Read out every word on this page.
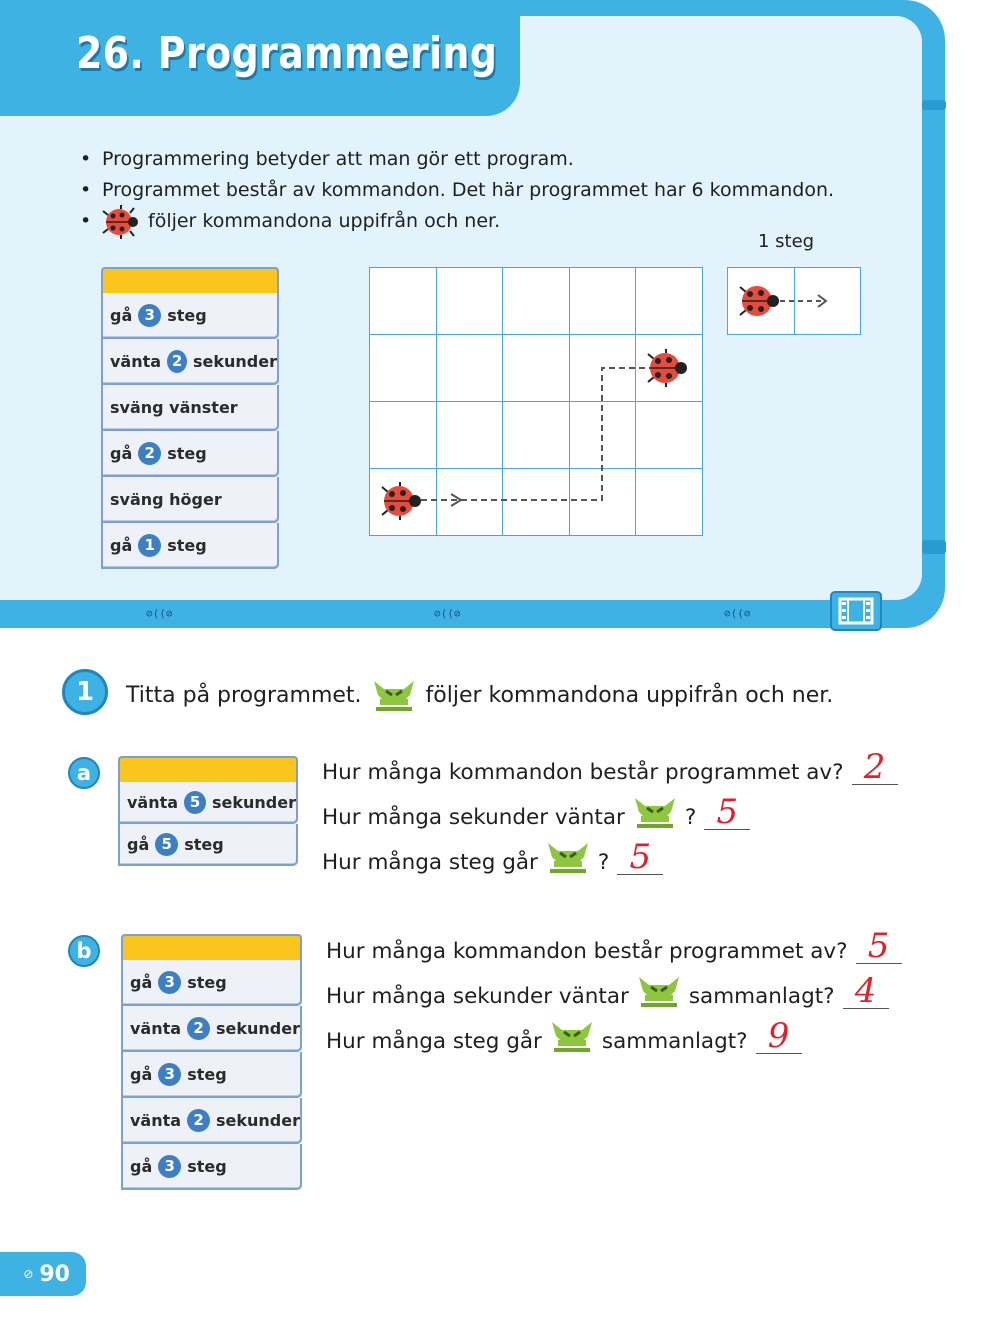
26. Programmering
⊘((⊘	⊘((⊘	⊘((⊘
• Programmering betyder att man gör ett program.
• Programmet består av kommandon. Det här programmet har 6 kommandon.
•	följer kommandona uppifrån och ner.
gå 3 steg
vänta 2 sekunder
sväng vänster
gå 2 steg
sväng höger
gå 1 steg

1 steg

1	Titta på programmet.	följer kommandona uppifrån och ner.
a
vänta 5 sekunder
gå 5 steg
Hur många kommandon består programmet av? 2
Hur många sekunder väntar	? 5
Hur många steg går	? 5
b
gå 3 steg
vänta 2 sekunder
gå 3 steg
vänta 2 sekunder
gå 3 steg
Hur många kommandon består programmet av? 5
Hur många sekunder väntar	sammanlagt? 4
Hur många steg går	sammanlagt? 9
⊘ 90
